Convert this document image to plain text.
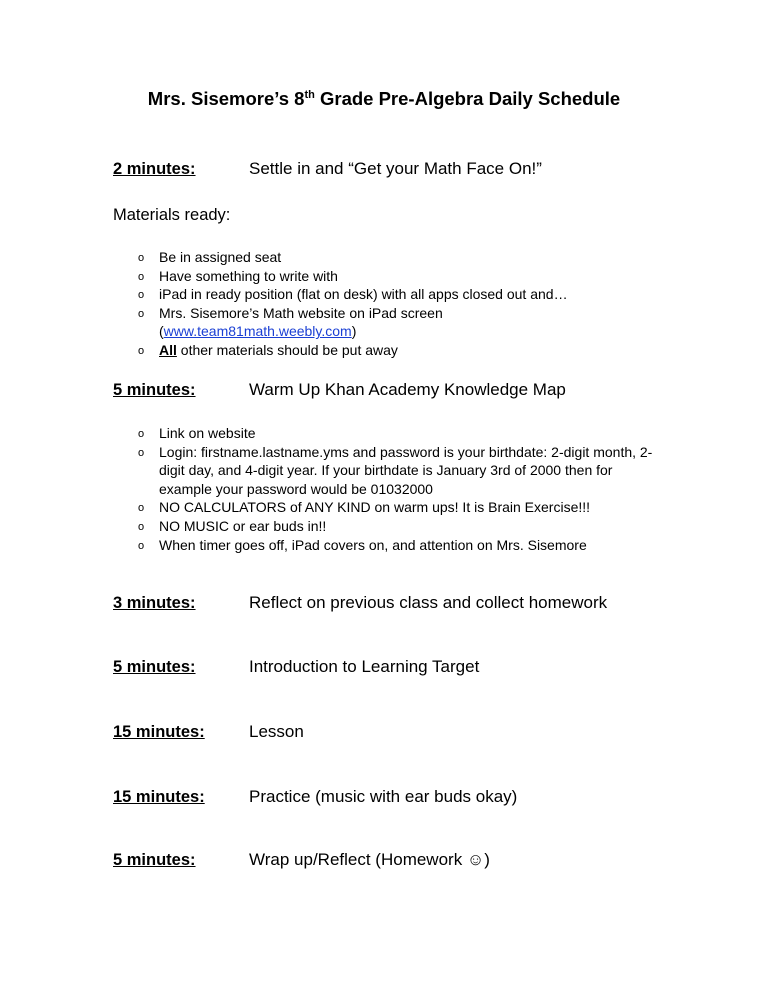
Mrs. Sisemore’s 8th Grade Pre-Algebra Daily Schedule
2 minutes:	Settle in and “Get your Math Face On!”
Materials ready:
o Be in assigned seat
o Have something to write with
o iPad in ready position (flat on desk) with all apps closed out and…
o Mrs. Sisemore’s Math website on iPad screen
(www.team81math.weebly.com)
o All other materials should be put away
5 minutes:	Warm Up Khan Academy Knowledge Map
o Link on website
o Login: firstname.lastname.yms and password is your birthdate: 2-digit month, 2-digit day, and 4-digit year. If your birthdate is January 3rd of 2000 then for example your password would be 01032000
o NO CALCULATORS of ANY KIND on warm ups! It is Brain Exercise!!!
o NO MUSIC or ear buds in!!
o When timer goes off, iPad covers on, and attention on Mrs. Sisemore
3 minutes:	Reflect on previous class and collect homework
5 minutes:	Introduction to Learning Target
15 minutes:	Lesson
15 minutes:	Practice (music with ear buds okay)
5 minutes:	Wrap up/Reflect (Homework ☺)
